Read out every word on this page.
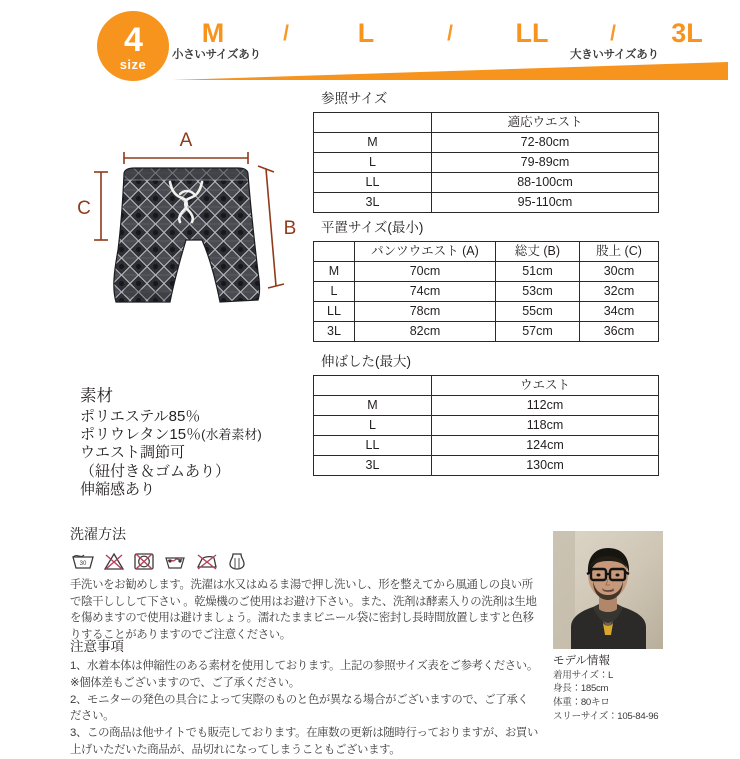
4
size
M	/	L	/	LL	/	3L
小さいサイズあり	大きいサイズあり
A
B
C
素材
ポリエステル85％
ポリウレタン15％(水着素材)
ウエスト調節可
（紐付き＆ゴムあり）
伸縮感あり
参照サイズ
	適応ウエスト
M	72-80cm
L	79-89cm
LL	88-100cm
3L	95-110cm
平置サイズ(最小)
	パンツウエスト (A)	総丈 (B)	股上 (C)
M	70cm	51cm	30cm
L	74cm	53cm	32cm
LL	78cm	55cm	34cm
3L	82cm	57cm	36cm
伸ばした(最大)
	ウエスト
M	112cm
L	118cm
LL	124cm
3L	130cm
洗濯方法
30
手洗いをお勧めします。洗濯は水又はぬるま湯で押し洗いし、形を整えてから風通しの良い所で陰干ししして下さい 。乾燥機のご使用はお避け下さい。また、洗剤は酵素入りの洗剤は生地を傷めますので使用は避けましょう。濡れたままビニール袋に密封し長時間放置しますと色移りすることがありますのでご注意ください。
注意事項
1、水着本体は伸縮性のある素材を使用しております。上記の参照サイズ表をご参考ください。
※個体差もございますので、ご了承ください。
2、モニターの発色の具合によって実際のものと色が異なる場合がございますので、ご了承ください。
3、この商品は他サイトでも販売しております。在庫数の更新は随時行っておりますが、お買い上げいただいた商品が、品切れになってしまうこともございます。
モデル情報
着用サイズ：L
身長：185cm
体重：80キロ
スリーサイズ：105-84-96
